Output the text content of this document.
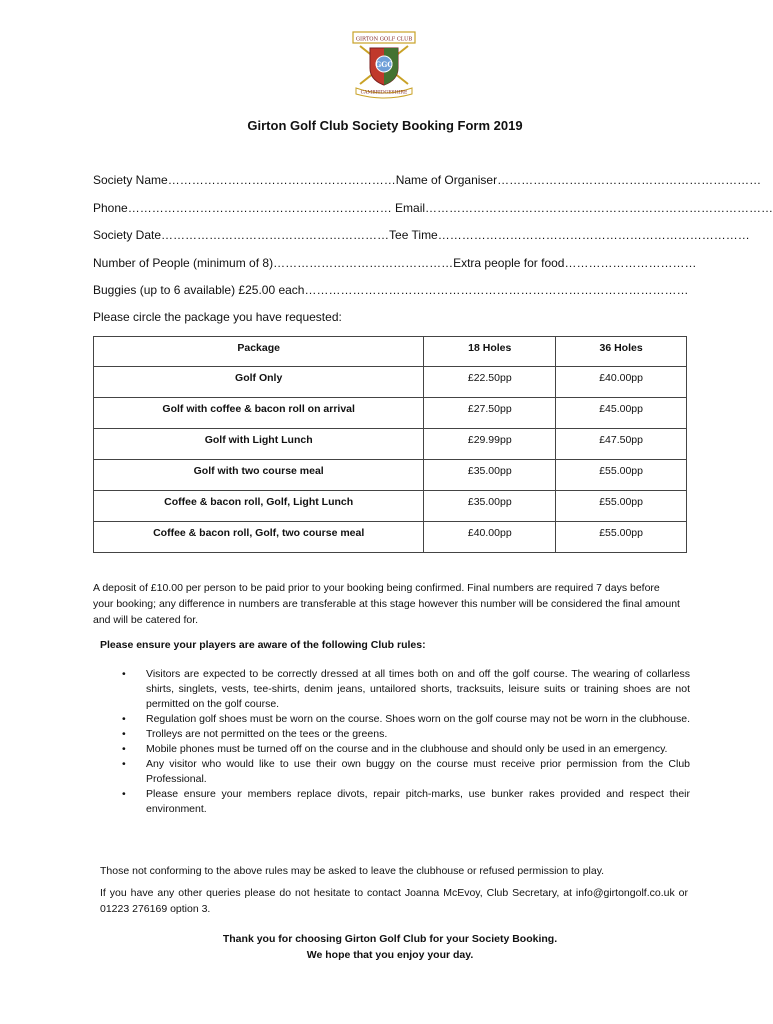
GIRTON GOLF CLUB
GGC
CAMBRIDGESHIRE
Girton Golf Club Society Booking Form 2019
Society Name…………………………………………………Name of Organiser…………………………………………………………
Phone………………………………………………………… Email……………………………………………………………………………
Society Date…………………………………………………Tee Time……………………………………………………………………
Number of People (minimum of 8)………………………………………Extra people for food……………………………
Buggies (up to 6 available) £25.00 each……………………………………………………………………………………
Please circle the package you have requested:
Package	18 Holes	36 Holes
Golf Only	£22.50pp	£40.00pp
Golf with coffee & bacon roll on arrival	£27.50pp	£45.00pp
Golf with Light Lunch	£29.99pp	£47.50pp
Golf with two course meal	£35.00pp	£55.00pp
Coffee & bacon roll, Golf, Light Lunch	£35.00pp	£55.00pp
Coffee & bacon roll, Golf, two course meal	£40.00pp	£55.00pp
A deposit of £10.00 per person to be paid prior to your booking being confirmed. Final numbers are required 7 days before your booking; any difference in numbers are transferable at this stage however this number will be considered the final amount and will be catered for.
Please ensure your players are aware of the following Club rules:
• Visitors are expected to be correctly dressed at all times both on and off the golf course. The wearing of collarless shirts, singlets, vests, tee-shirts, denim jeans, untailored shorts, tracksuits, leisure suits or training shoes are not permitted on the golf course.
• Regulation golf shoes must be worn on the course. Shoes worn on the golf course may not be worn in the clubhouse.
• Trolleys are not permitted on the tees or the greens.
• Mobile phones must be turned off on the course and in the clubhouse and should only be used in an emergency.
• Any visitor who would like to use their own buggy on the course must receive prior permission from the Club Professional.
• Please ensure your members replace divots, repair pitch-marks, use bunker rakes provided and respect their environment.
Those not conforming to the above rules may be asked to leave the clubhouse or refused permission to play.
If you have any other queries please do not hesitate to contact Joanna McEvoy, Club Secretary, at info@girtongolf.co.uk or 01223 276169 option 3.
Thank you for choosing Girton Golf Club for your Society Booking.
We hope that you enjoy your day.
